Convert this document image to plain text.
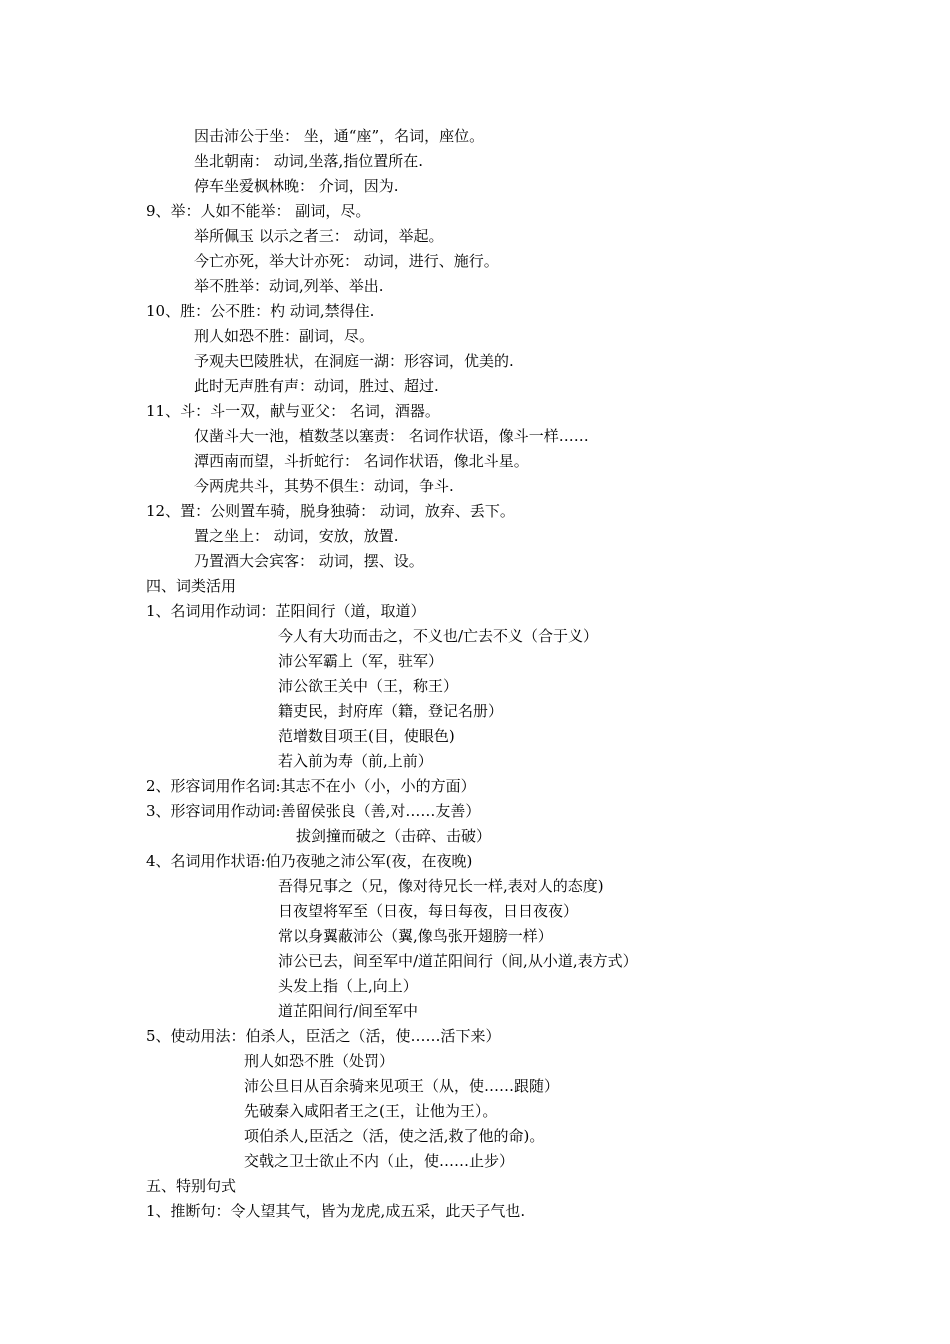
因击沛公于坐： 坐，通“座”，名词，座位。
坐北朝南： 动词,坐落,指位置所在.
停车坐爱枫林晚： 介词，因为.
9、举：人如不能举： 副词，尽。
举所佩玉 以示之者三： 动词，举起。
今亡亦死，举大计亦死： 动词，进行、施行。
举不胜举：动词,列举、举出.
10、胜：公不胜：杓 动词,禁得住.
刑人如恐不胜：副词，尽。
予观夫巴陵胜状，在洞庭一湖：形容词，优美的.
此时无声胜有声：动词，胜过、超过.
11、斗：斗一双，献与亚父： 名词，酒器。
仅凿斗大一池，植数茎以塞责： 名词作状语，像斗一样……
潭西南而望，斗折蛇行： 名词作状语，像北斗星。
今两虎共斗，其势不俱生：动词，争斗.
12、置：公则置车骑，脱身独骑： 动词，放弃、丢下。
置之坐上： 动词，安放，放置.
乃置酒大会宾客： 动词，摆、设。
四、词类活用
1、名词用作动词：芷阳间行（道，取道）
今人有大功而击之，不义也/亡去不义（合于义）
沛公军霸上（军，驻军）
沛公欲王关中（王，称王）
籍吏民，封府库（籍，登记名册）
范增数目项王(目，使眼色)
若入前为寿（前,上前）
2、形容词用作名词:其志不在小（小，小的方面）
3、形容词用作动词:善留侯张良（善,对……友善）
拔剑撞而破之（击碎、击破）
4、名词用作状语:伯乃夜驰之沛公军(夜，在夜晚)
吾得兄事之（兄，像对待兄长一样,表对人的态度)
日夜望将军至（日夜，每日每夜，日日夜夜）
常以身翼蔽沛公（翼,像鸟张开翅膀一样）
沛公已去，间至军中/道芷阳间行（间,从小道,表方式）
头发上指（上,向上）
道芷阳间行/间至军中
5、使动用法：伯杀人，臣活之（活，使……活下来）
刑人如恐不胜（处罚）
沛公旦日从百余骑来见项王（从，使……跟随）
先破秦入咸阳者王之(王，让他为王）。
项伯杀人,臣活之（活，使之活,救了他的命)。
交戟之卫士欲止不内（止，使……止步）
五、特别句式
1、推断句：令人望其气，皆为龙虎,成五采，此天子气也.
